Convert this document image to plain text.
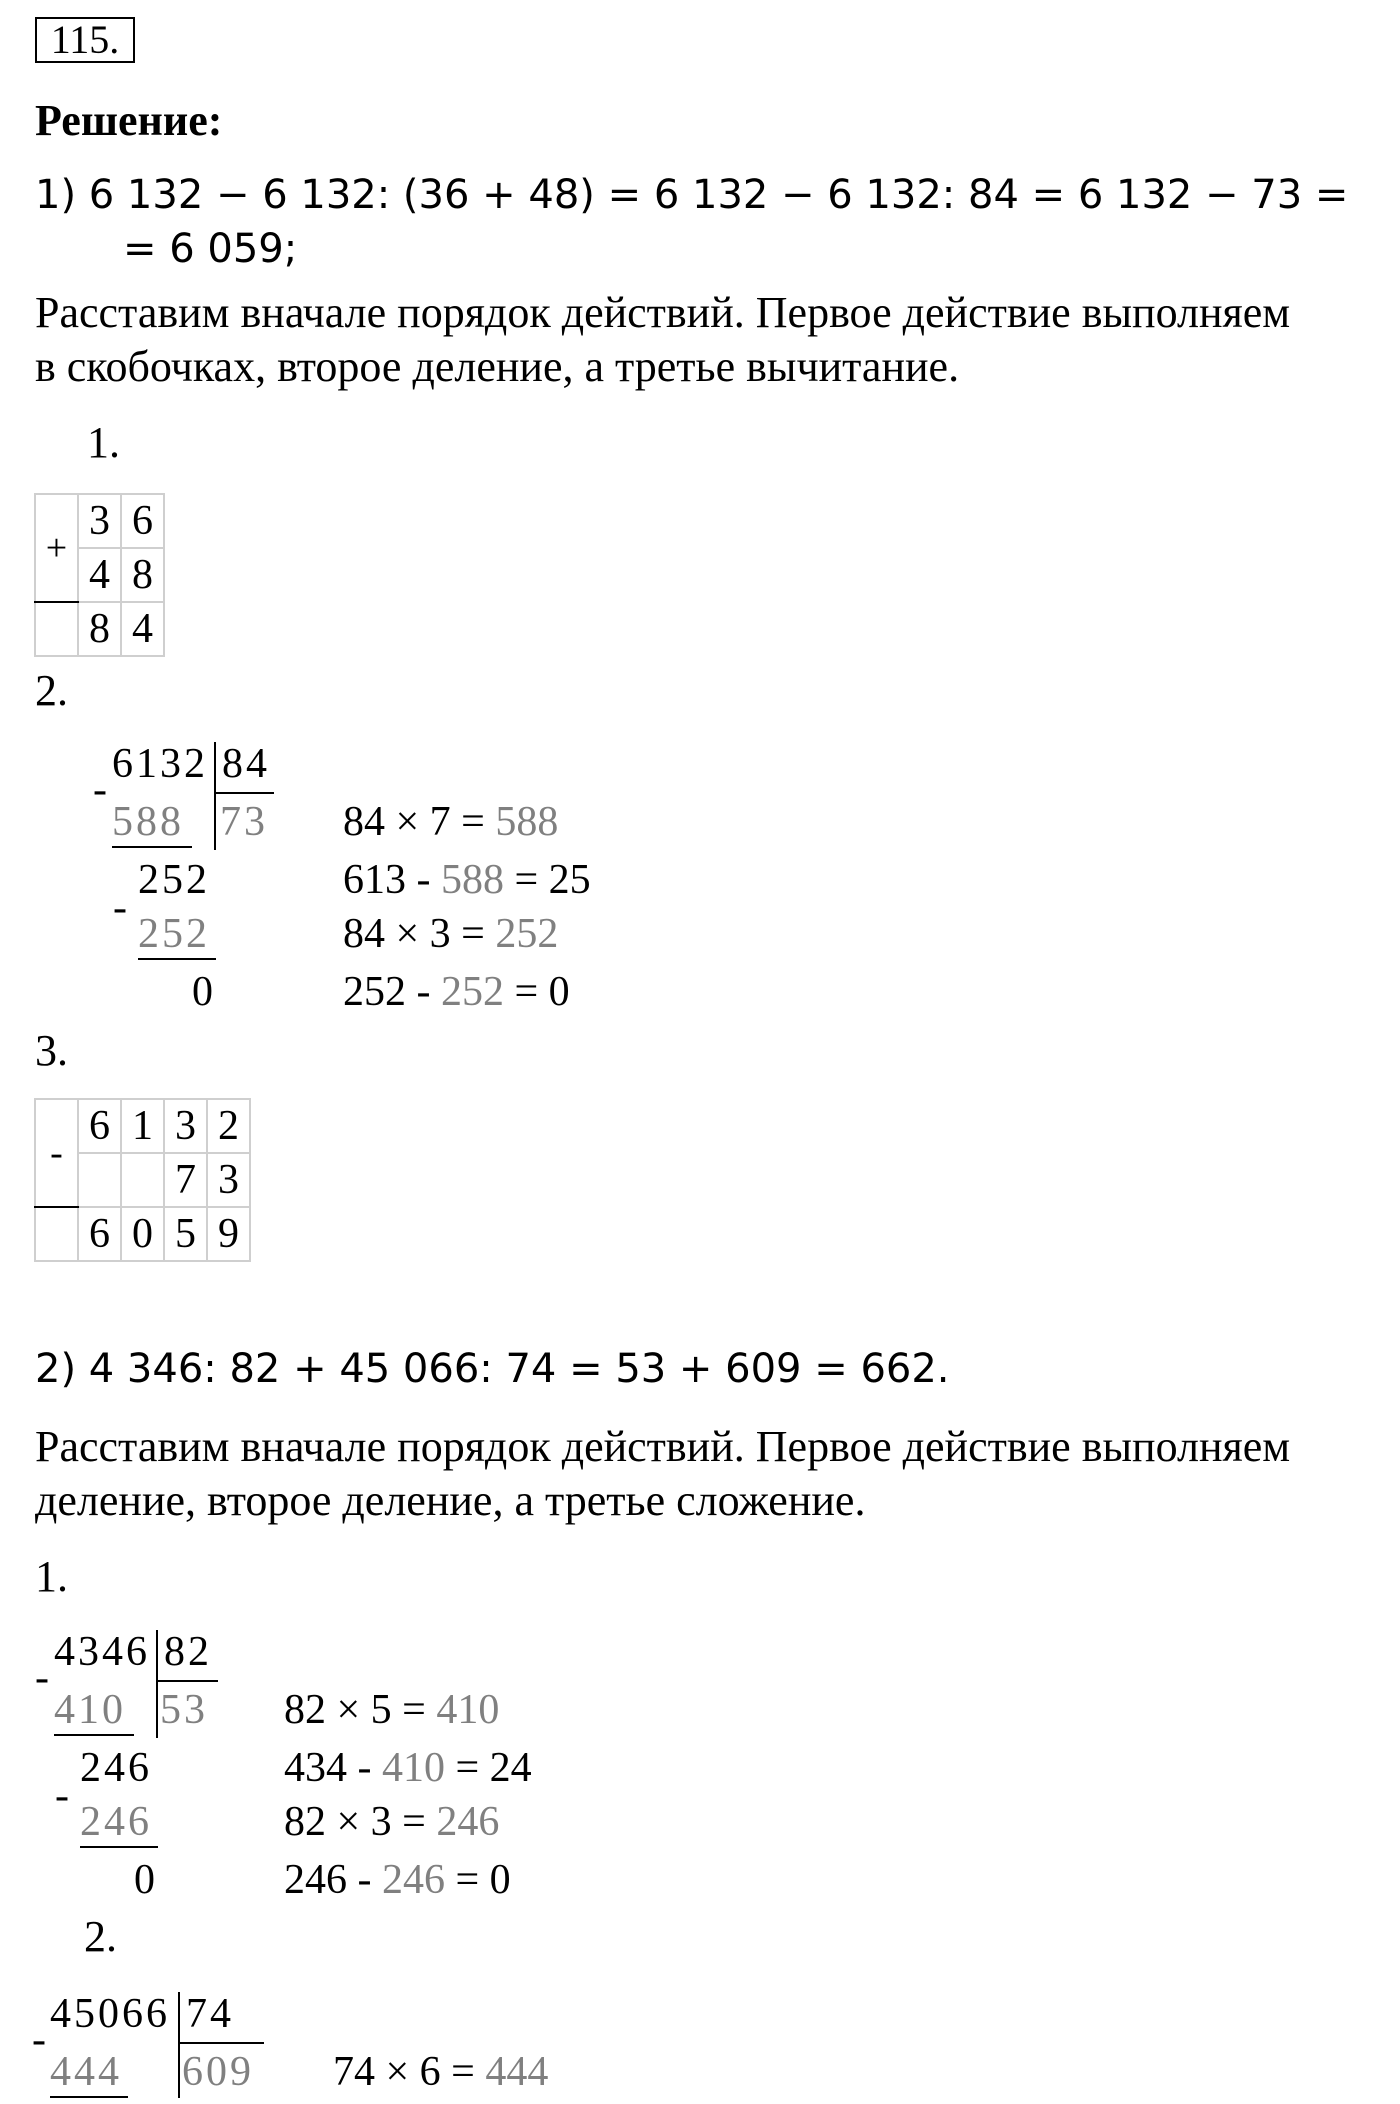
115.
Решение:
1) 6 132 − 6 132: (36 + 48) = 6 132 − 6 132: 84 = 6 132 − 73 =
= 6 059;
Расставим вначале порядок действий. Первое действие выполняем
в скобочках, второе деление, а третье вычитание.
1.
+	3	6
	4	8
	8	4
2.
6132 84
-
588 73
252
-
252
0
84 × 7 = 588
613 - 588 = 25
84 × 3 = 252
252 - 252 = 0
3.
-	6	1	3	2
			7	3
	6	0	5	9
2) 4 346: 82 + 45 066: 74 = 53 + 609 = 662.
Расставим вначале порядок действий. Первое действие выполняем
деление, второе деление, а третье сложение.
1.
4346 82
-
410 53
246
-
246
0
82 × 5 = 410
434 - 410 = 24
82 × 3 = 246
246 - 246 = 0
2.
45066 74
-
444 609 74 × 6 = 444
